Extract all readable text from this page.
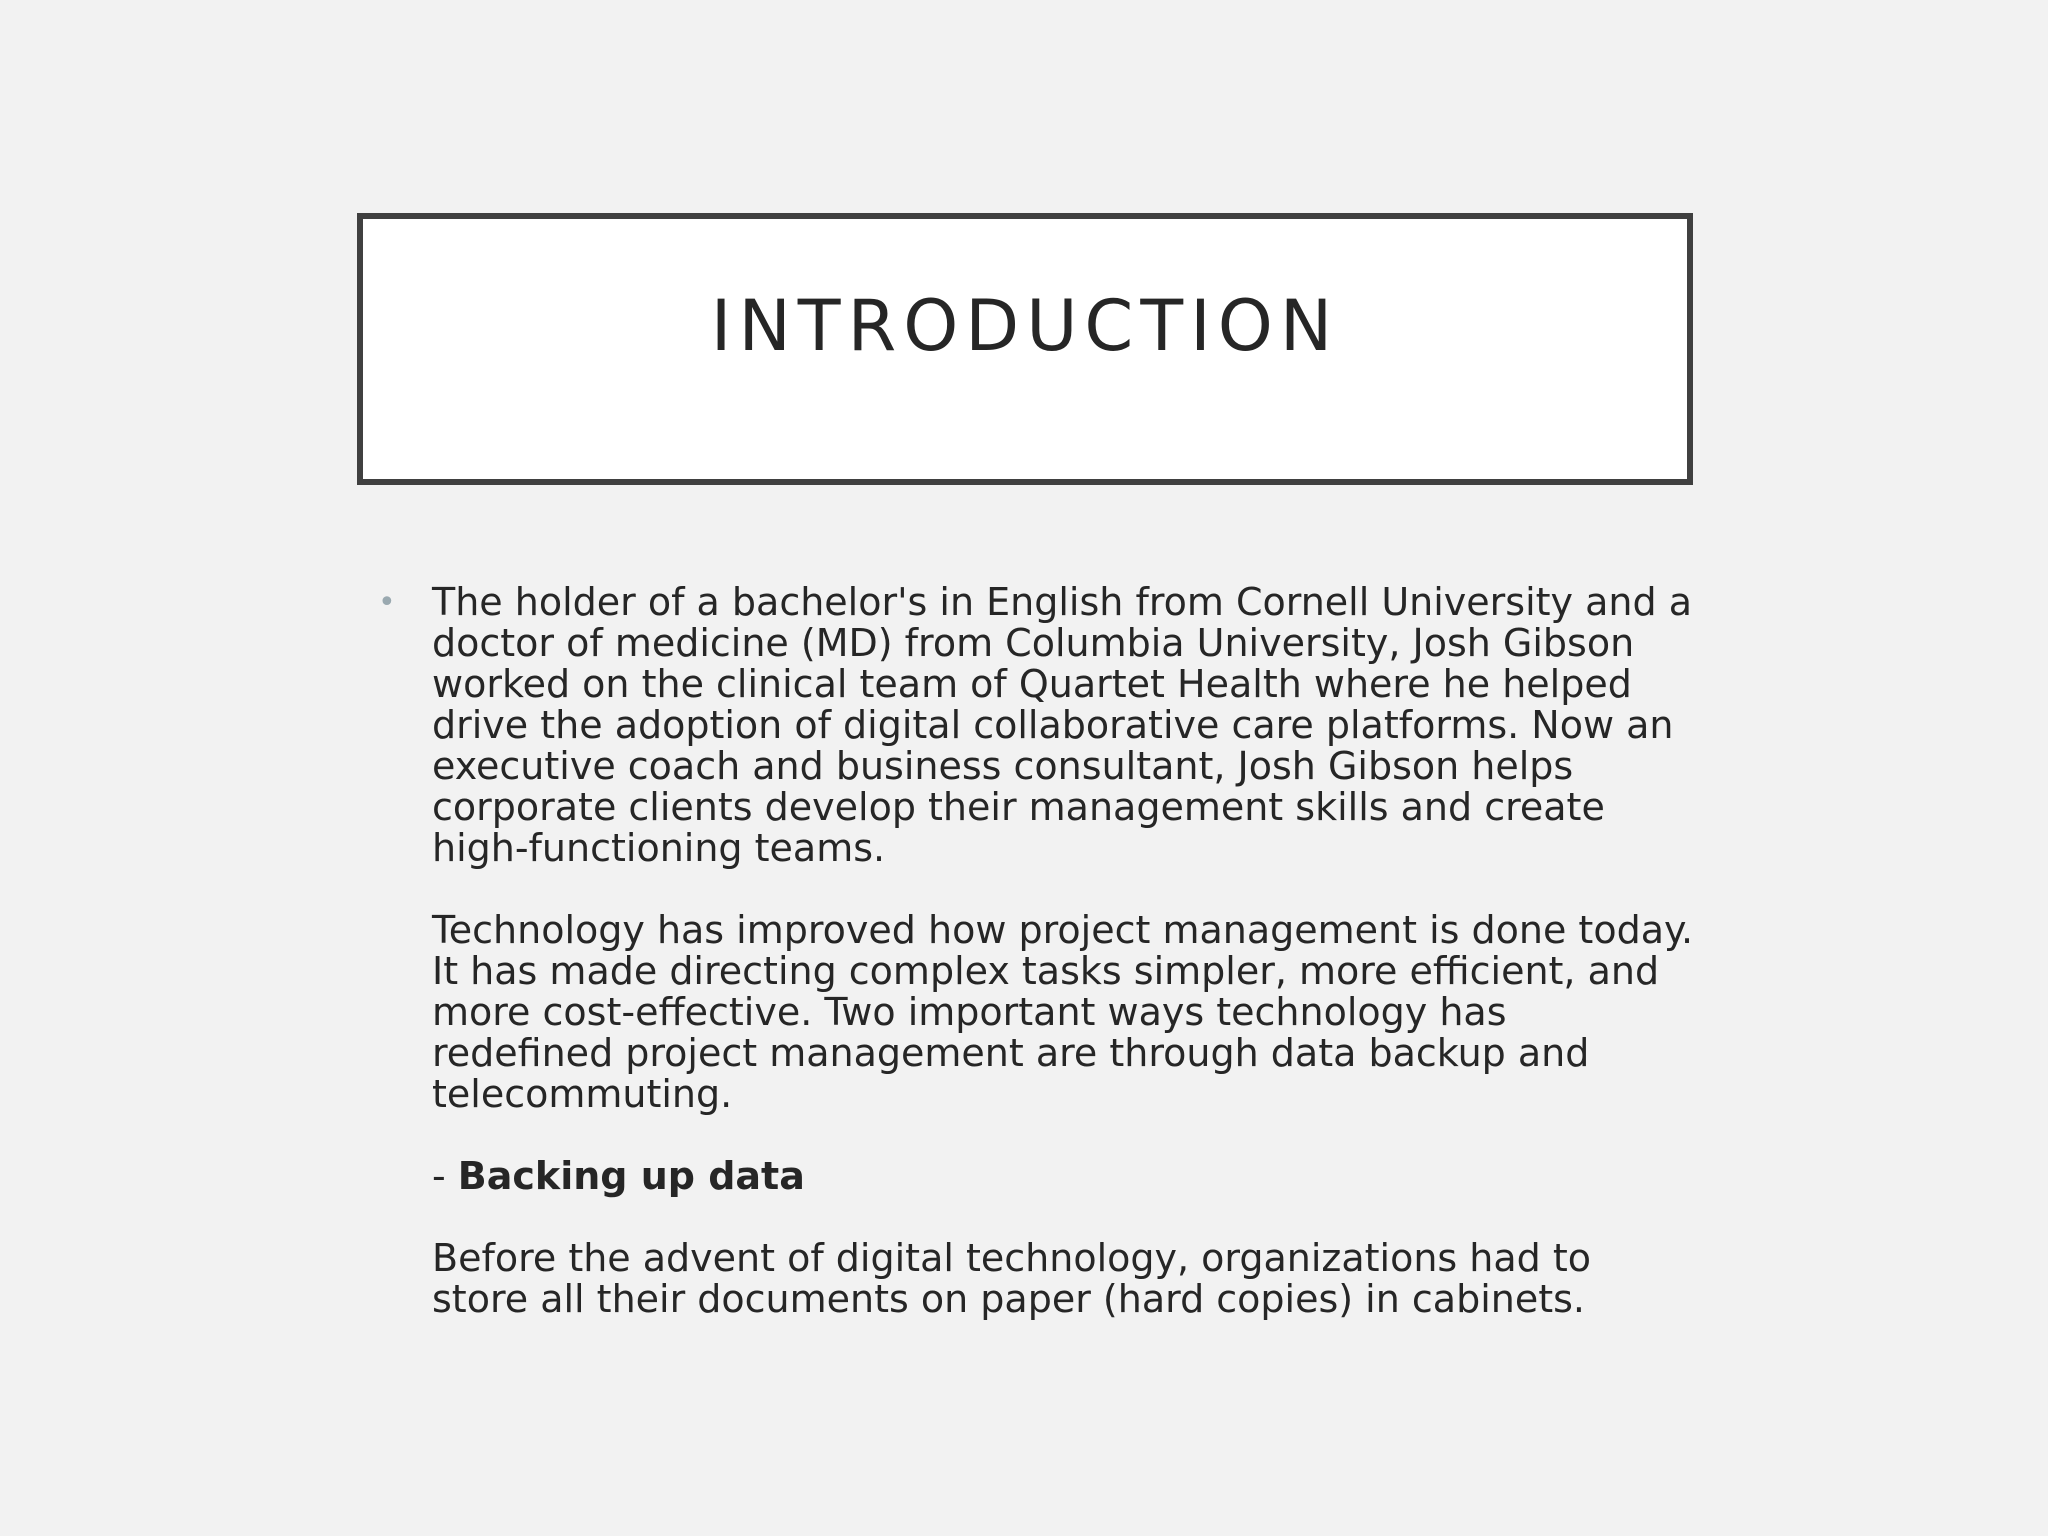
INTRODUCTION
• The holder of a bachelor's in English from Cornell University and a doctor of medicine (MD) from Columbia University, Josh Gibson worked on the clinical team of Quartet Health where he helped drive the adoption of digital collaborative care platforms. Now an executive coach and business consultant, Josh Gibson helps corporate clients develop their management skills and create high-functioning teams.

Technology has improved how project management is done today. It has made directing complex tasks simpler, more efficient, and more cost-effective. Two important ways technology has redefined project management are through data backup and telecommuting.

- Backing up data

Before the advent of digital technology, organizations had to store all their documents on paper (hard copies) in cabinets.
